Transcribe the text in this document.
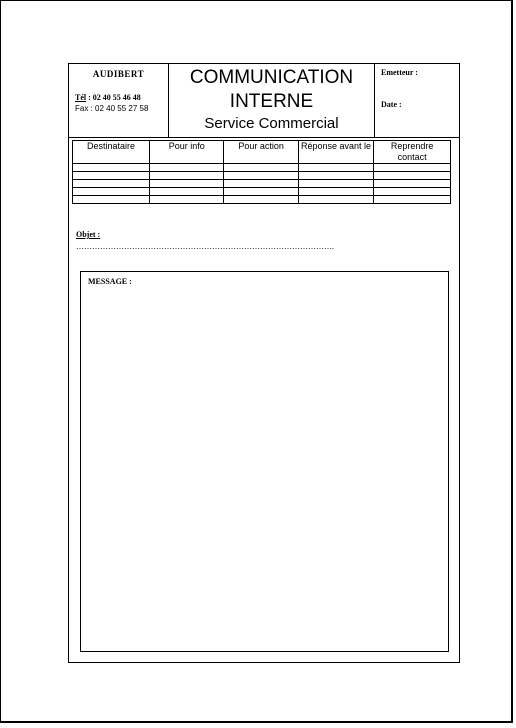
AUDIBERT
Tél : 02 40 55 46 48
Fax : 02 40 55 27 58
COMMUNICATION
INTERNE
Service Commercial
Emetteur :
Date :
Destinataire	Pour info	Pour action	Réponse avant le	Reprendre contact

Objet :
…………………………………………………………………………………….
MESSAGE :
